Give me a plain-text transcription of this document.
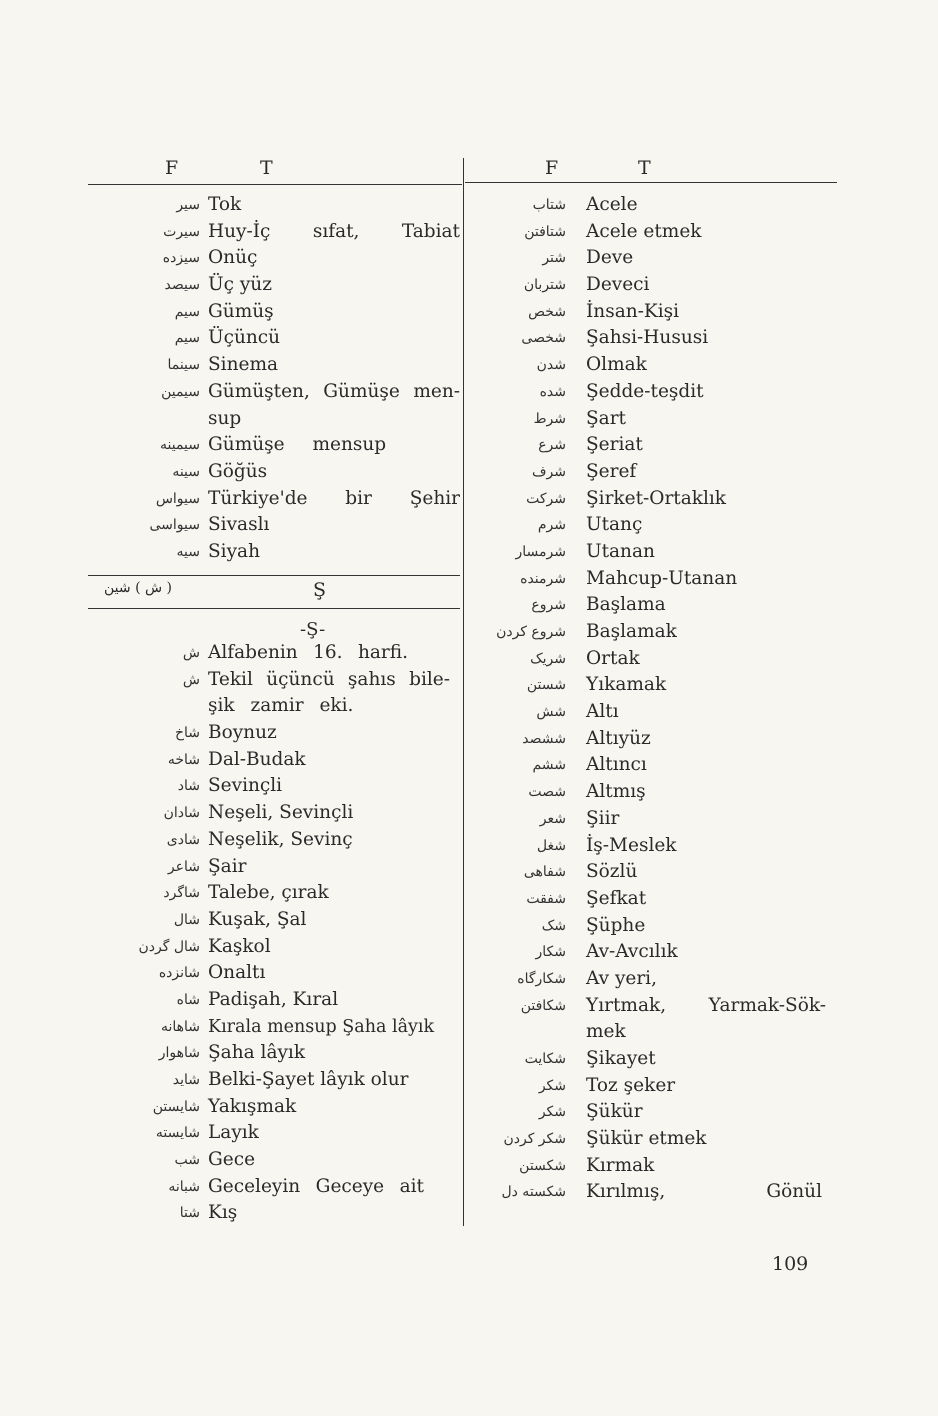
F	T	F	T
سیر Tok
سیرت Huy-İç sıfat, Tabiat
سیزده Onüç
سیصد Üç yüz
سیم Gümüş
سیم Üçüncü
سینما Sinema
سیمین Gümüşten, Gümüşe men-
sup
سیمینه Gümüşe mensup
سینه Göğüs
سیواس Türkiye'de bir Şehir
سیواسی Sivaslı
سیه Siyah
( ش ) شین	Ş
-Ş-
ش Alfabenin 16. harfi.
ش Tekil üçüncü şahıs bile-
şik zamir eki.
شاخ Boynuz
شاخه Dal-Budak
شاد Sevinçli
شادان Neşeli, Sevinçli
شادی Neşelik, Sevinç
شاعر Şair
شاگرد Talebe, çırak
شال Kuşak, Şal
شال گردن Kaşkol
شانزده Onaltı
شاه Padişah, Kıral
شاهانه Kırala mensup Şaha lâyık
شاهوار Şaha lâyık
شاید Belki-Şayet lâyık olur
شایستن Yakışmak
شایسته Layık
شب Gece
شبانه Geceleyin Geceye ait
شتا Kış
شتاب Acele
شتافتن Acele etmek
شتر Deve
شتربان Deveci
شخص İnsan-Kişi
شخصی Şahsi-Hususi
شدن Olmak
شده Şedde-teşdit
شرط Şart
شرع Şeriat
شرف Şeref
شرکت Şirket-Ortaklık
شرم Utanç
شرمسار Utanan
شرمنده Mahcup-Utanan
شروع Başlama
شروع کردن Başlamak
شریک Ortak
شستن Yıkamak
شش Altı
ششصد Altıyüz
ششم Altıncı
شصت Altmış
شعر Şiir
شغل İş-Meslek
شفاهی Sözlü
شفقت Şefkat
شک Şüphe
شکار Av-Avcılık
شکارگاه Av yeri,
شکافتن Yırtmak, Yarmak-Sök-
mek
شکایت Şikayet
شکر Toz şeker
شکر Şükür
شکر کردن Şükür etmek
شکستن Kırmak
شکسته دل Kırılmış, Gönül
109
